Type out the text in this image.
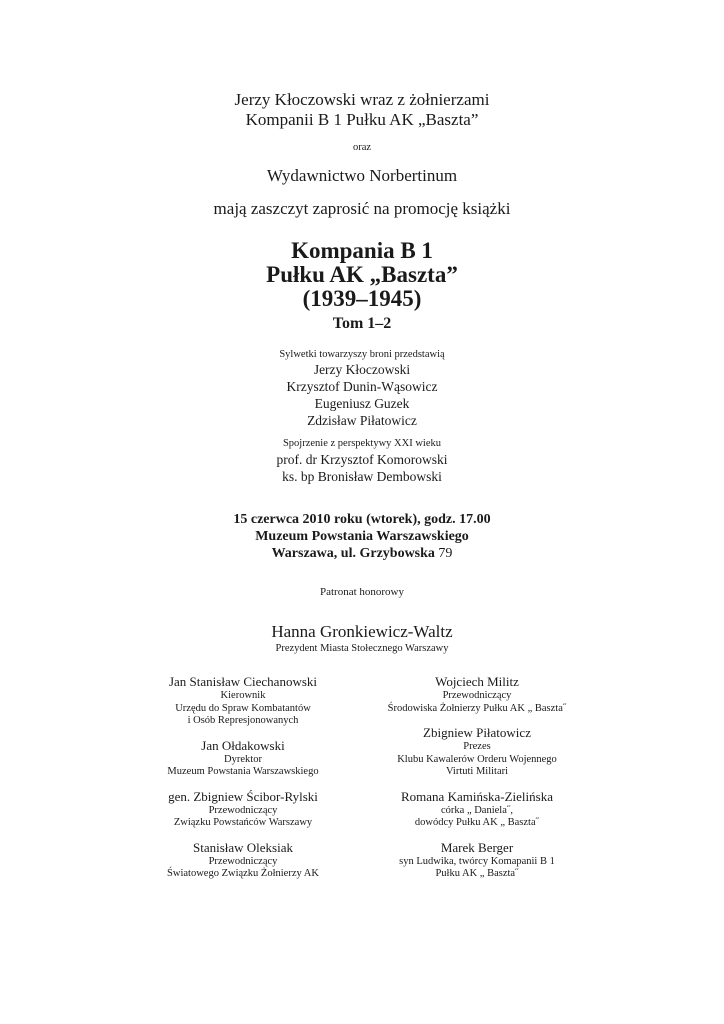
Jerzy Kłoczowski wraz z żołnierzami
Kompanii B 1 Pułku AK „Baszta”
oraz
Wydawnictwo Norbertinum
mają zaszczyt zaprosić na promocję książki
Kompania B 1
Pułku AK „Baszta”
(1939–1945)
Tom 1–2
Sylwetki towarzyszy broni przedstawią
Jerzy Kłoczowski
Krzysztof Dunin-Wąsowicz
Eugeniusz Guzek
Zdzisław Piłatowicz
Spojrzenie z perspektywy XXI wieku
prof. dr Krzysztof Komorowski
ks. bp Bronisław Dembowski
15 czerwca 2010 roku (wtorek), godz. 17.00
Muzeum Powstania Warszawskiego
Warszawa, ul. Grzybowska 79
Patronat honorowy
Hanna Gronkiewicz-Waltz
Prezydent Miasta Stołecznego Warszawy
Jan Stanisław Ciechanowski
Kierownik
Urzędu do Spraw Kombatantów
i Osób Represjonowanych
Jan Ołdakowski
Dyrektor
Muzeum Powstania Warszawskiego
gen. Zbigniew Ścibor-Rylski
Przewodniczący
Związku Powstańców Warszawy
Stanisław Oleksiak
Przewodniczący
Światowego Związku Żołnierzy AK
Wojciech Militz
Przewodniczący
Środowiska Żołnierzy Pułku AK „ Baszta˝
Zbigniew Piłatowicz
Prezes
Klubu Kawalerów Orderu Wojennego
Virtuti Militari
Romana Kamińska-Zielińska
córka „ Daniela˝,
dowódcy Pułku AK „ Baszta˝
Marek Berger
syn Ludwika, twórcy Komapanii B 1
Pułku AK „ Baszta˝
